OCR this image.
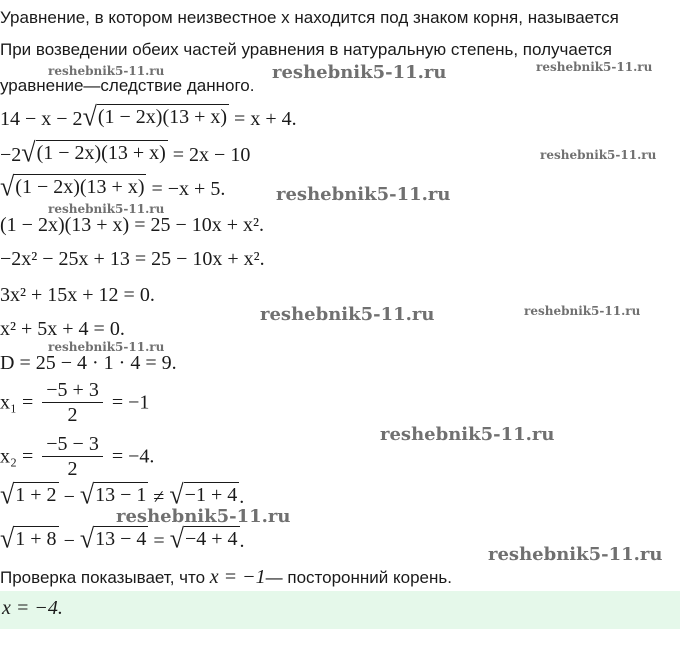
Уравнение, в котором неизвестное x находится под знаком корня, называется
При возведении обеих частей уравнения в натуральную степень, получается
уравнение—следствие данного.
14 − x − 2 √ (1 − 2x)(13 + x) = x + 4.
−2 √ (1 − 2x)(13 + x) = 2x − 10
√ (1 − 2x)(13 + x) = −x + 5.
(1 − 2x)(13 + x) = 25 − 10x + x².
−2x² − 25x + 13 = 25 − 10x + x².
3x² + 15x + 12 = 0.
x² + 5x + 4 = 0.
D = 25 − 4 · 1 · 4 = 9.
$x_1 = \frac{-5 + 3}{2} = -1$
$x_2 = \frac{-5 - 3}{2} = -4$.
√ 1 + 2 − √ 13 − 1 ≠ √ −1 + 4 .
√ 1 + 8 − √ 13 − 4 = √ −4 + 4 .
Проверка показывает, что x = −1— посторонний корень.
x = −4.
reshebnik5-11.ru	reshebnik5-11.ru	reshebnik5-11.ru
reshebnik5-11.ru
reshebnik5-11.ru
reshebnik5-11.ru
reshebnik5-11.ru	reshebnik5-11.ru
reshebnik5-11.ru
reshebnik5-11.ru
reshebnik5-11.ru
reshebnik5-11.ru
